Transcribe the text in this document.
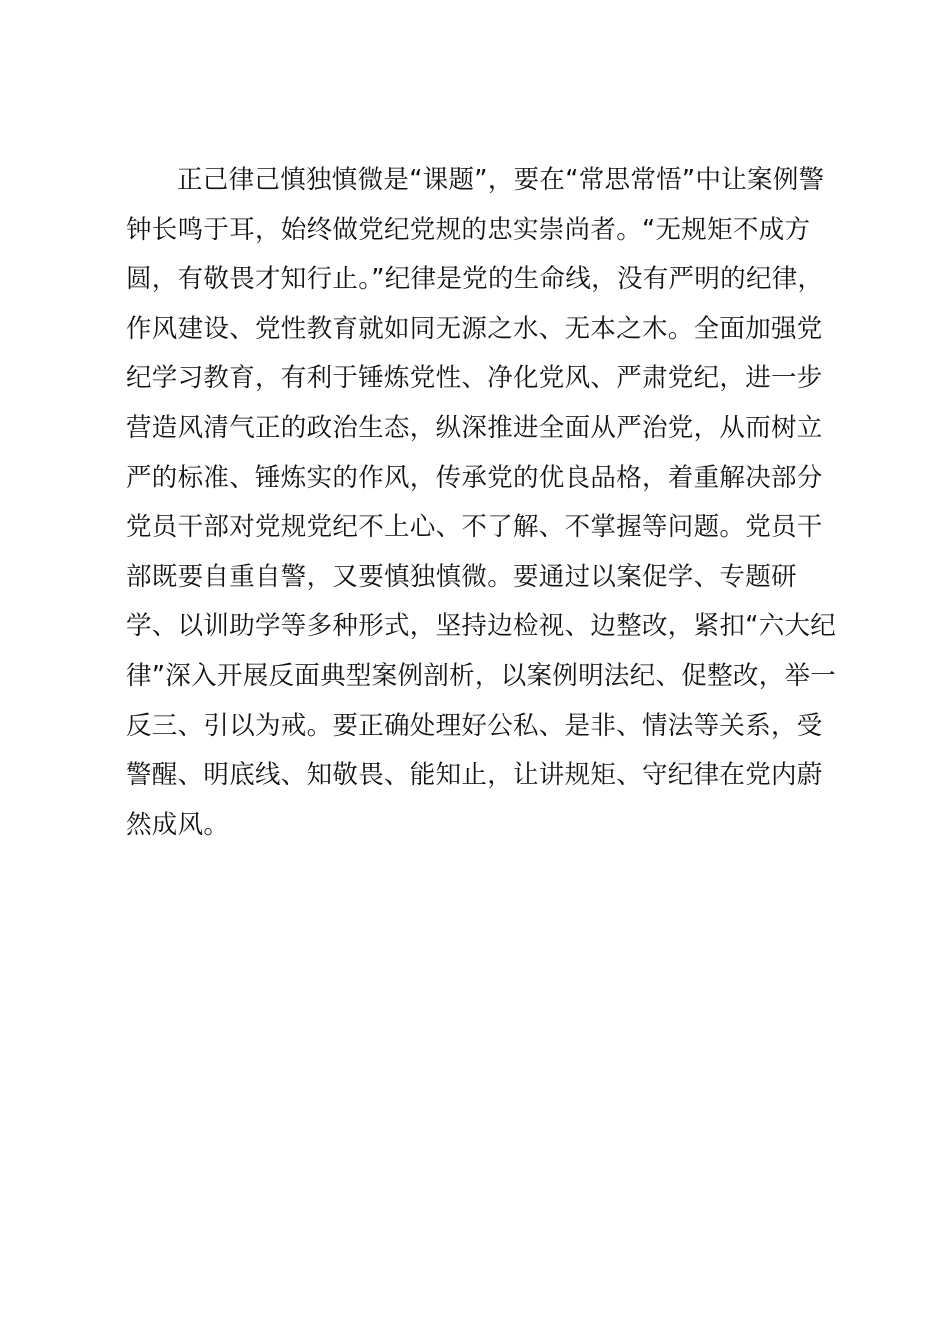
正己律己慎独慎微是“课题”，要在“常思常悟”中让案例警
钟长鸣于耳，始终做党纪党规的忠实崇尚者。“无规矩不成方
圆，有敬畏才知行止。”纪律是党的生命线，没有严明的纪律，
作风建设、党性教育就如同无源之水、无本之木。全面加强党
纪学习教育，有利于锤炼党性、净化党风、严肃党纪，进一步
营造风清气正的政治生态，纵深推进全面从严治党，从而树立
严的标准、锤炼实的作风，传承党的优良品格，着重解决部分
党员干部对党规党纪不上心、不了解、不掌握等问题。党员干
部既要自重自警，又要慎独慎微。要通过以案促学、专题研
学、以训助学等多种形式，坚持边检视、边整改，紧扣“六大纪
律”深入开展反面典型案例剖析，以案例明法纪、促整改，举一
反三、引以为戒。要正确处理好公私、是非、情法等关系，受
警醒、明底线、知敬畏、能知止，让讲规矩、守纪律在党内蔚
然成风。
